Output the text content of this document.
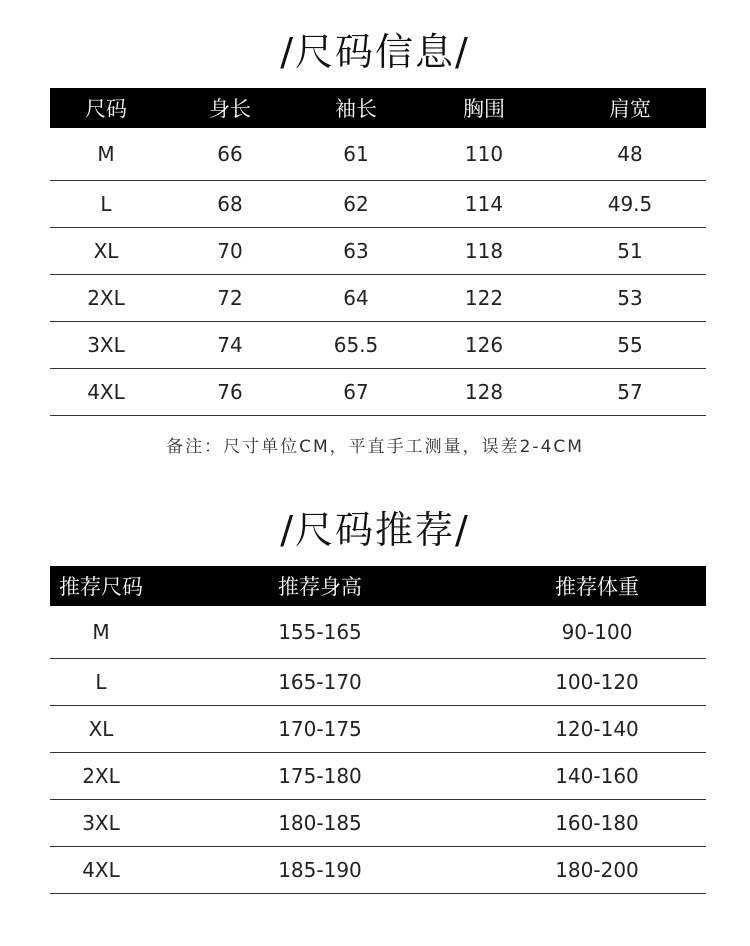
/尺码信息/
尺码	身长	袖长	胸围	肩宽
M	66	61	110	48
L	68	62	114	49.5
XL	70	63	118	51
2XL	72	64	122	53
3XL	74	65.5	126	55
4XL	76	67	128	57
备注：尺寸单位CM，平直手工测量，误差2-4CM
/尺码推荐/
推荐尺码	推荐身高	推荐体重
M	155-165	90-100
L	165-170	100-120
XL	170-175	120-140
2XL	175-180	140-160
3XL	180-185	160-180
4XL	185-190	180-200
